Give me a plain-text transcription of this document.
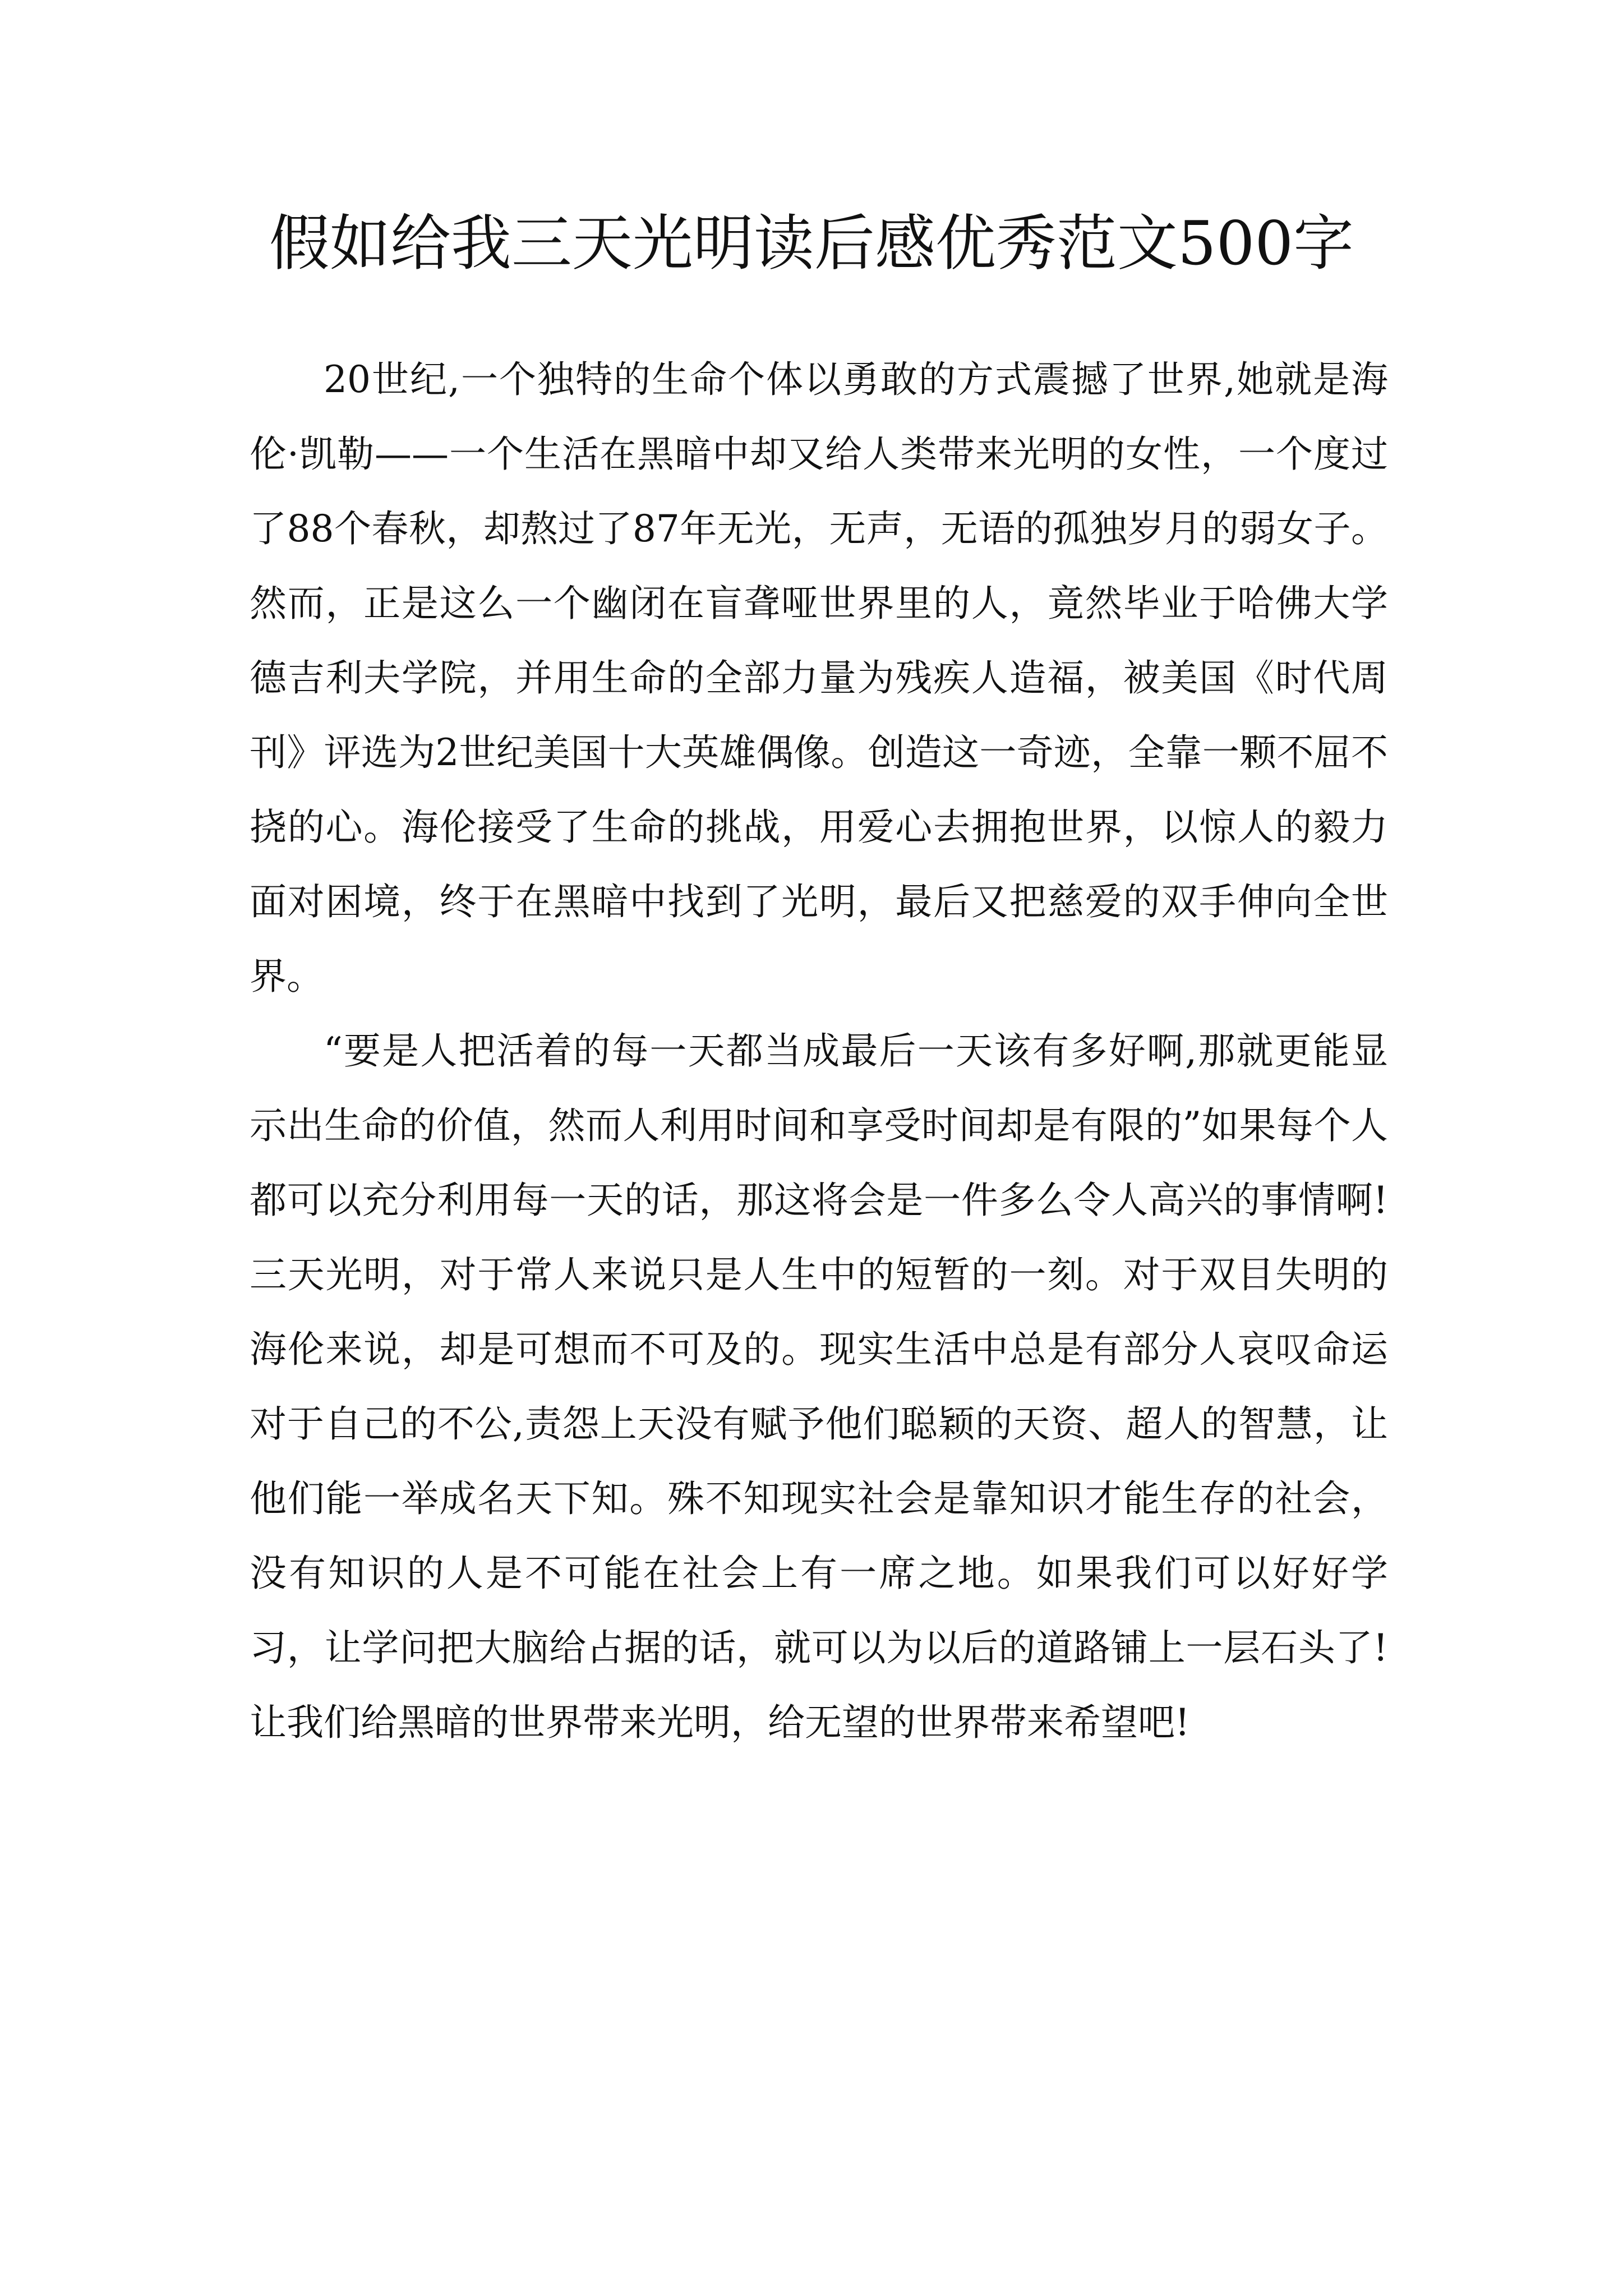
假如给我三天光明读后感优秀范文500字

20世纪,一个独特的生命个体以勇敢的方式震撼了世界,她就是海伦·凯勒——一个生活在黑暗中却又给人类带来光明的女性，一个度过了88个春秋，却熬过了87年无光，无声，无语的孤独岁月的弱女子。然而，正是这么一个幽闭在盲聋哑世界里的人，竟然毕业于哈佛大学德吉利夫学院，并用生命的全部力量为残疾人造福，被美国《时代周刊》评选为2世纪美国十大英雄偶像。创造这一奇迹，全靠一颗不屈不挠的心。海伦接受了生命的挑战，用爱心去拥抱世界，以惊人的毅力面对困境，终于在黑暗中找到了光明，最后又把慈爱的双手伸向全世界。

“要是人把活着的每一天都当成最后一天该有多好啊,那就更能显示出生命的价值，然而人利用时间和享受时间却是有限的”如果每个人都可以充分利用每一天的话，那这将会是一件多么令人高兴的事情啊!三天光明，对于常人来说只是人生中的短暂的一刻。对于双目失明的海伦来说，却是可想而不可及的。现实生活中总是有部分人哀叹命运对于自己的不公,责怨上天没有赋予他们聪颖的天资、超人的智慧，让他们能一举成名天下知。殊不知现实社会是靠知识才能生存的社会，没有知识的人是不可能在社会上有一席之地。如果我们可以好好学习，让学问把大脑给占据的话，就可以为以后的道路铺上一层石头了!让我们给黑暗的世界带来光明，给无望的世界带来希望吧!
